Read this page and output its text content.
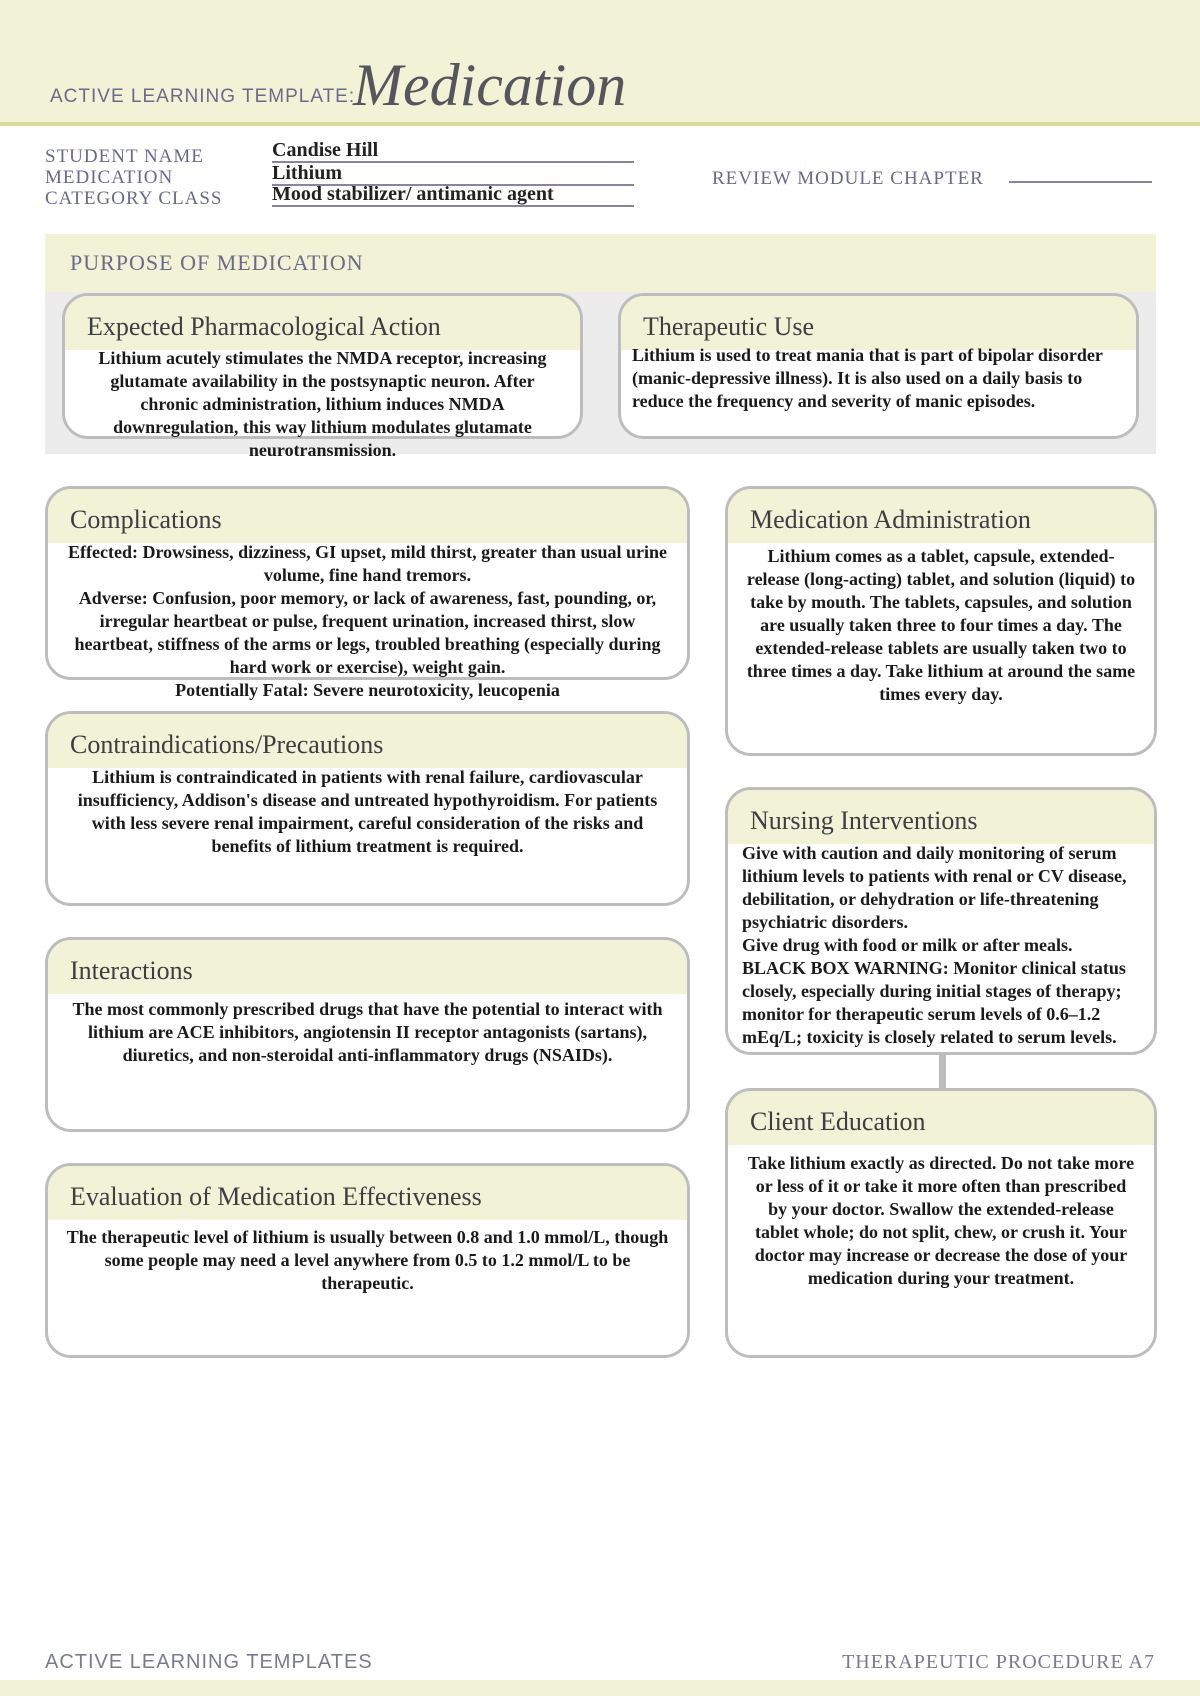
ACTIVE LEARNING TEMPLATE:
Medication
STUDENT NAME	Candise Hill
MEDICATION	Lithium
CATEGORY CLASS Mood stabilizer/ antimanic agent
REVIEW MODULE CHAPTER
PURPOSE OF MEDICATION
Expected Pharmacological Action
Lithium acutely stimulates the NMDA receptor, increasing glutamate availability in the postsynaptic neuron. After chronic administration, lithium induces NMDA downregulation, this way lithium modulates glutamate neurotransmission.
Therapeutic Use
Lithium is used to treat mania that is part of bipolar disorder (manic-depressive illness). It is also used on a daily basis to reduce the frequency and severity of manic episodes.
Complications
Effected: Drowsiness, dizziness, GI upset, mild thirst, greater than usual urine volume, fine hand tremors.
Adverse: Confusion, poor memory, or lack of awareness, fast, pounding, or, irregular heartbeat or pulse, frequent urination, increased thirst, slow heartbeat, stiffness of the arms or legs, troubled breathing (especially during hard work or exercise), weight gain.
Potentially Fatal: Severe neurotoxicity, leucopenia
Medication Administration
Lithium comes as a tablet, capsule, extended-release (long-acting) tablet, and solution (liquid) to take by mouth. The tablets, capsules, and solution are usually taken three to four times a day. The extended-release tablets are usually taken two to three times a day. Take lithium at around the same times every day.
Contraindications/Precautions
Lithium is contraindicated in patients with renal failure, cardiovascular insufficiency, Addison's disease and untreated hypothyroidism. For patients with less severe renal impairment, careful consideration of the risks and benefits of lithium treatment is required.
Nursing Interventions
Give with caution and daily monitoring of serum lithium levels to patients with renal or CV disease, debilitation, or dehydration or life-threatening psychiatric disorders.
Give drug with food or milk or after meals.
BLACK BOX WARNING: Monitor clinical status closely, especially during initial stages of therapy; monitor for therapeutic serum levels of 0.6–1.2 mEq/L; toxicity is closely related to serum levels.
Interactions
The most commonly prescribed drugs that have the potential to interact with lithium are ACE inhibitors, angiotensin II receptor antagonists (sartans), diuretics, and non-steroidal anti-inflammatory drugs (NSAIDs).
Client Education
Take lithium exactly as directed. Do not take more or less of it or take it more often than prescribed by your doctor. Swallow the extended-release tablet whole; do not split, chew, or crush it. Your doctor may increase or decrease the dose of your medication during your treatment.
Evaluation of Medication Effectiveness
The therapeutic level of lithium is usually between 0.8 and 1.0 mmol/L, though some people may need a level anywhere from 0.5 to 1.2 mmol/L to be therapeutic.
ACTIVE LEARNING TEMPLATES	THERAPEUTIC PROCEDURE A7
